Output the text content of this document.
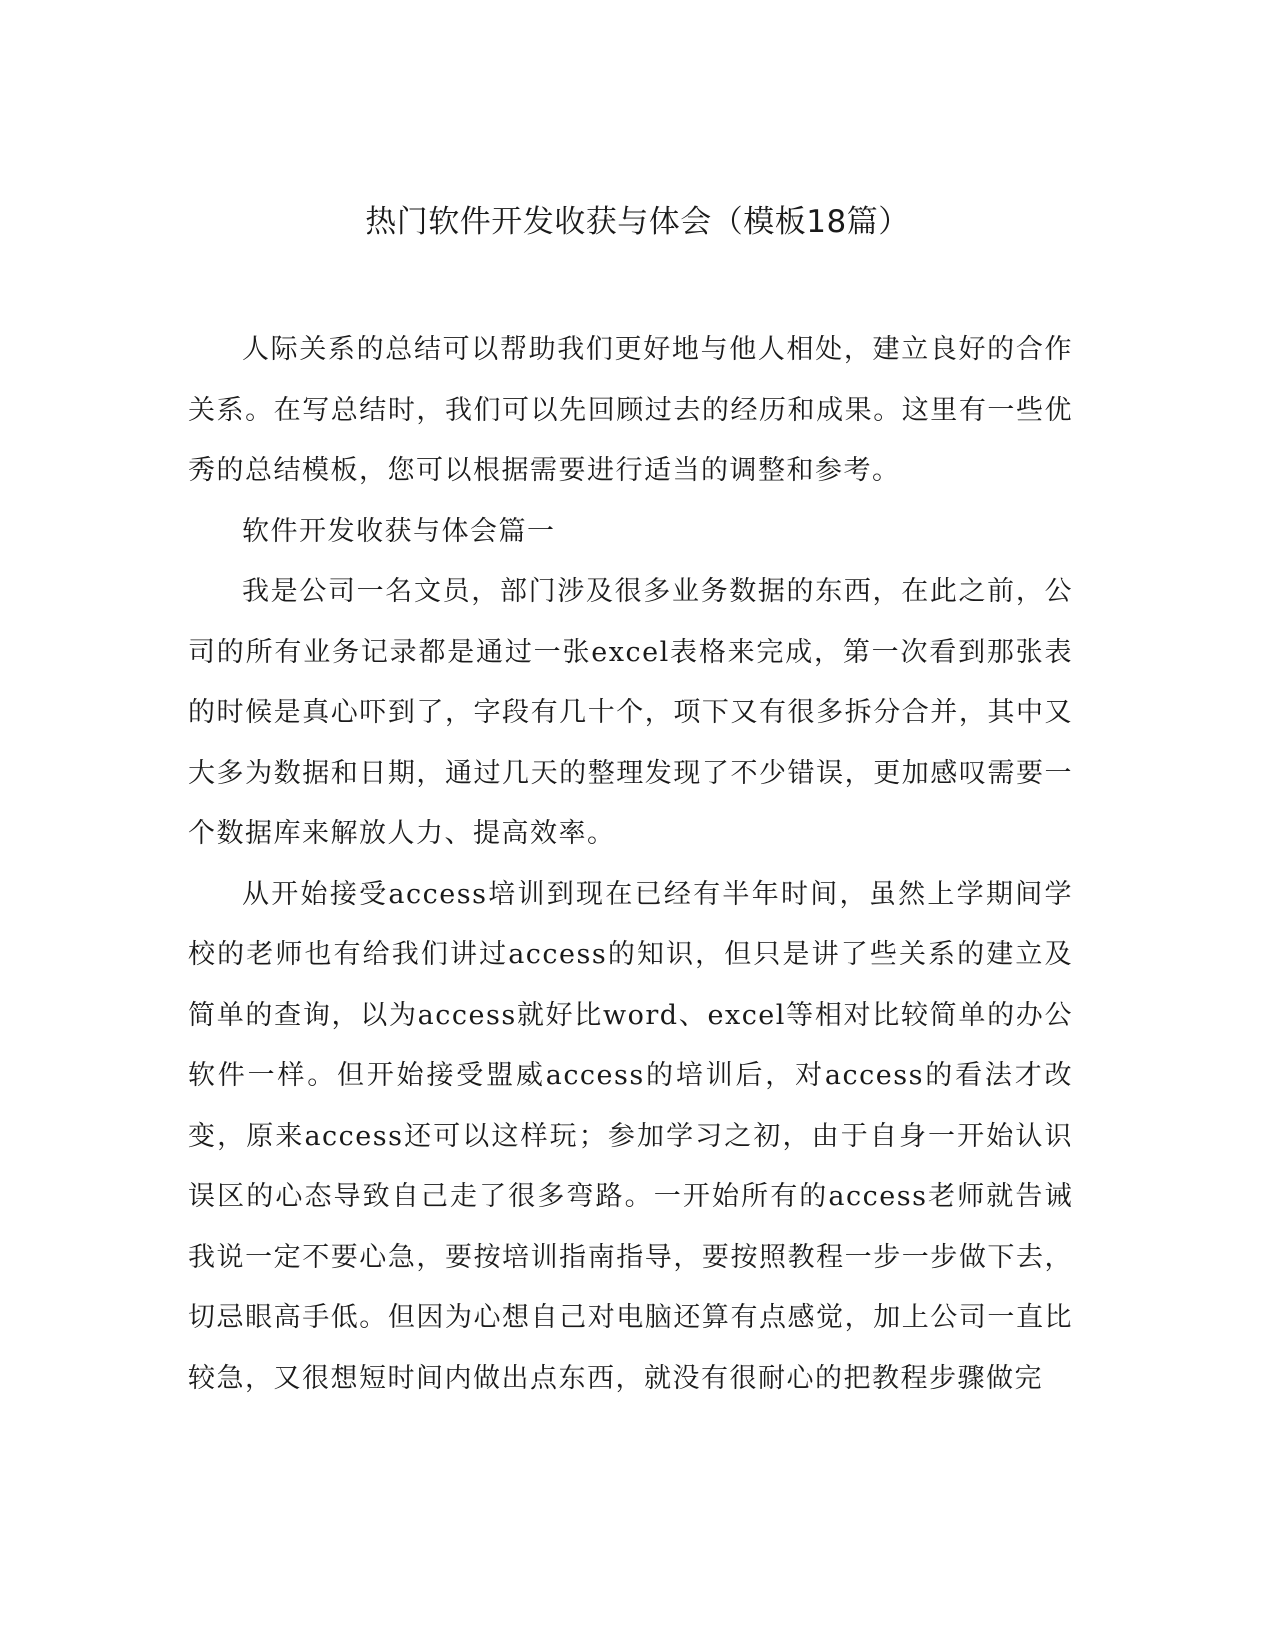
热门软件开发收获与体会（模板18篇）

人际关系的总结可以帮助我们更好地与他人相处，建立良好的合作关系。在写总结时，我们可以先回顾过去的经历和成果。这里有一些优秀的总结模板，您可以根据需要进行适当的调整和参考。

软件开发收获与体会篇一

我是公司一名文员，部门涉及很多业务数据的东西，在此之前，公司的所有业务记录都是通过一张excel表格来完成，第一次看到那张表的时候是真心吓到了，字段有几十个，项下又有很多拆分合并，其中又大多为数据和日期，通过几天的整理发现了不少错误，更加感叹需要一个数据库来解放人力、提高效率。

从开始接受access培训到现在已经有半年时间，虽然上学期间学校的老师也有给我们讲过access的知识，但只是讲了些关系的建立及简单的查询，以为access就好比word、excel等相对比较简单的办公软件一样。但开始接受盟威access的培训后，对access的看法才改变，原来access还可以这样玩；参加学习之初，由于自身一开始认识误区的心态导致自己走了很多弯路。一开始所有的access老师就告诫我说一定不要心急，要按培训指南指导，要按照教程一步一步做下去，切忌眼高手低。但因为心想自己对电脑还算有点感觉，加上公司一直比较急，又很想短时间内做出点东西，就没有很耐心的把教程步骤做完
